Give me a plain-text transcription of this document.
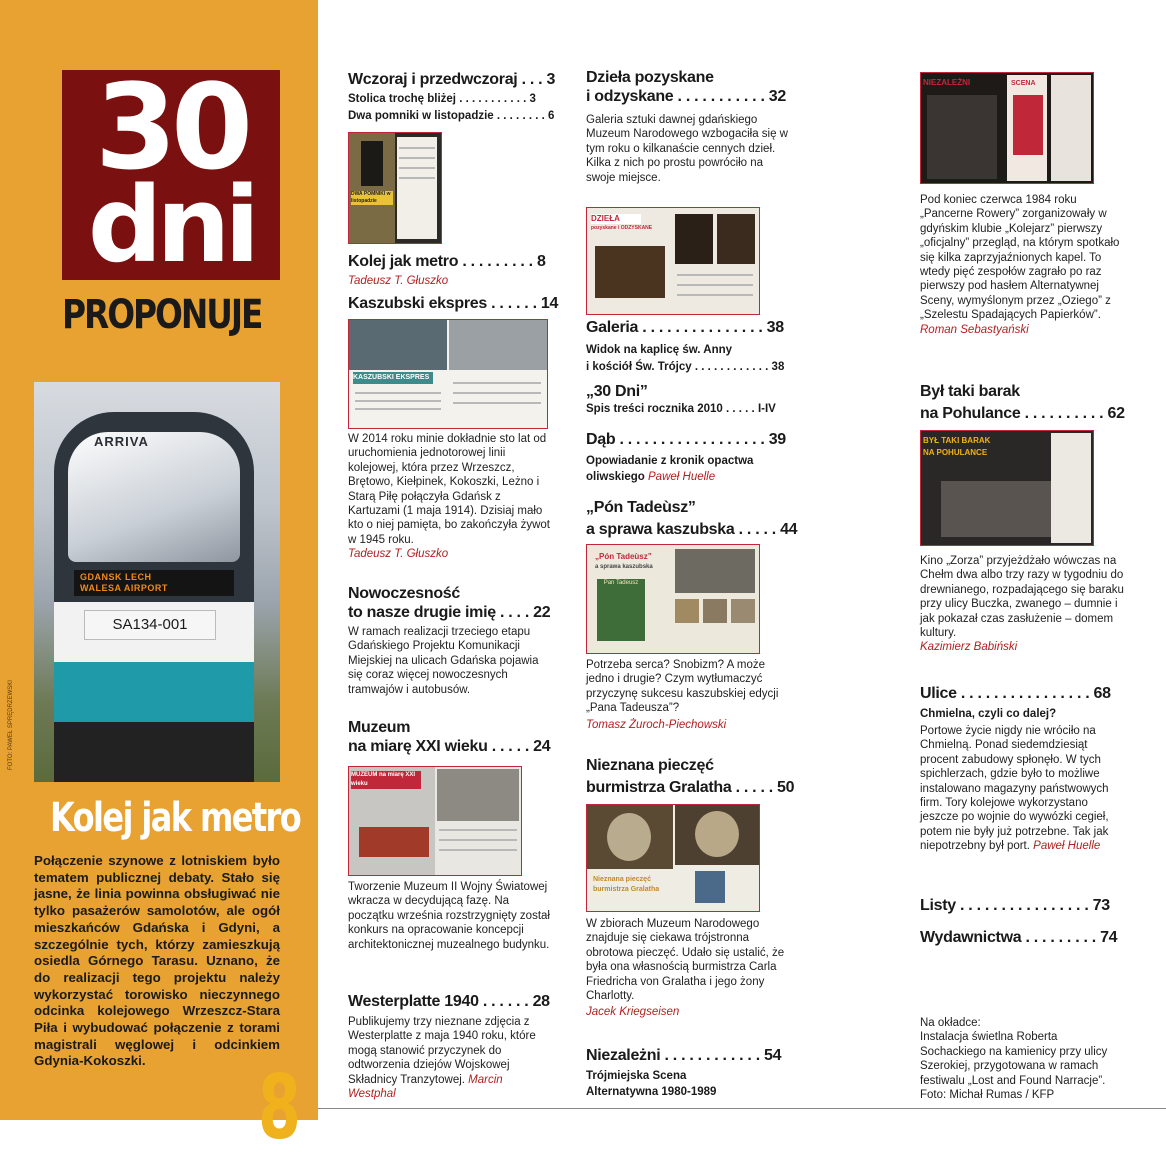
30
dni
PROPONUJE
ARRIVA
GDANSK LECH
WALESA AIRPORT
SA134-001
8
FOTO: PAWEŁ SPRĘDRZEWSKI
Kolej jak metro
Połączenie szynowe z lotniskiem było tematem publicznej debaty. Stało się jasne, że linia powinna obsługiwać nie tylko pasażerów samolotów, ale ogół mieszkańców Gdańska i Gdyni, a szczególnie tych, którzy zamieszkują osiedla Górnego Tarasu. Uznano, że do realizacji tego projektu należy wykorzystać torowisko nieczynnego odcinka kolejowego Wrzeszcz-Stara Piła i wybudować połączenie z torami magistrali węglowej i odcinkiem Gdynia-Kokoszki.
Wczoraj i przedwczoraj . . . 3
Stolica trochę bliżej . . . . . . . . . . . 3
Dwa pomniki w listopadzie . . . . . . . . 6
DWA POMNIKI w listopadzie
Kolej jak metro . . . . . . . . . 8
Tadeusz T. Głuszko
Kaszubski ekspres . . . . . . 14
KASZUBSKI EKSPRES
W 2014 roku minie dokładnie sto lat od uruchomienia jednotorowej linii kolejowej, która przez Wrzeszcz, Brętowo, Kiełpinek, Kokoszki, Leżno i Starą Piłę połączyła Gdańsk z Kartuzami (1 maja 1914). Dzisiaj mało kto o niej pamięta, bo zakończyła żywot w 1945 roku.
Tadeusz T. Głuszko
Nowoczesność
to nasze drugie imię . . . . 22
W ramach realizacji trzeciego etapu Gdańskiego Projektu Komunikacji Miejskiej na ulicach Gdańska pojawia się coraz więcej nowoczesnych tramwajów i autobusów.
Muzeum
na miarę XXI wieku . . . . . 24
MUZEUM na miarę XXI wieku
Tworzenie Muzeum II Wojny Światowej wkracza w decydującą fazę. Na początku września rozstrzygnięty został konkurs na opracowanie koncepcji architektonicznej muzealnego budynku.
Westerplatte 1940 . . . . . . 28
Publikujemy trzy nieznane zdjęcia z Westerplatte z maja 1940 roku, które mogą stanowić przyczynek do odtworzenia dziejów Wojskowej Składnicy Tranzytowej. Marcin Westphal
Dzieła pozyskane
i odzyskane . . . . . . . . . . . 32
Galeria sztuki dawnej gdańskiego Muzeum Narodowego wzbogaciła się w tym roku o kilkanaście cennych dzieł. Kilka z nich po prostu powróciło na swoje miejsce.
DZIEŁA
pozyskane i ODZYSKANE
Galeria . . . . . . . . . . . . . . . 38
Widok na kaplicę św. Anny
i kościół Św. Trójcy . . . . . . . . . . . . 38
„30 Dni”
Spis treści rocznika 2010 . . . . . I-IV
Dąb . . . . . . . . . . . . . . . . . . 39
Opowiadanie z kronik opactwa
oliwskiego Paweł Huelle
„Pón Tadeùsz”
a sprawa kaszubska . . . . . 44
„Pón Tadeùsz”
a sprawa kaszubska
Pan Tadeusz
Potrzeba serca? Snobizm? A może jedno i drugie? Czym wytłumaczyć przyczynę sukcesu kaszubskiej edycji „Pana Tadeusza”?
Tomasz Żuroch-Piechowski
Nieznana pieczęć
burmistrza Gralatha . . . . . 50
Nieznana pieczęć
burmistrza Gralatha
W zbiorach Muzeum Narodowego znajduje się ciekawa trójstronna obrotowa pieczęć. Udało się ustalić, że była ona własnością burmistrza Carla Friedricha von Gralatha i jego żony Charlotty.
Jacek Kriegseisen
Niezależni . . . . . . . . . . . . 54
Trójmiejska Scena
Alternatywna 1980-1989
NIEZALEŻNI	SCENA
Pod koniec czerwca 1984 roku „Pancerne Rowery” zorganizowały w gdyńskim klubie „Kolejarz” pierwszy „oficjalny” przegląd, na którym spotkało się kilka zaprzyjaźnionych kapel. To wtedy pięć zespołów zagrało po raz pierwszy pod hasłem Alternatywnej Sceny, wymyślonym przez „Oziego” z „Szelestu Spadających Papierków”.
Roman Sebastyański
Był taki barak
na Pohulance . . . . . . . . . . 62
BYŁ TAKI BARAK
NA POHULANCE
Kino „Zorza” przyjeżdżało wówczas na Chełm dwa albo trzy razy w tygodniu do drewnianego, rozpadającego się baraku przy ulicy Buczka, zwanego – dumnie i jak pokazał czas zasłużenie – domem kultury.
Kazimierz Babiński
Ulice . . . . . . . . . . . . . . . . 68
Chmielna, czyli co dalej?
Portowe życie nigdy nie wróciło na Chmielną. Ponad siedemdziesiąt procent zabudowy spłonęło. W tych spichlerzach, gdzie było to możliwe instalowano magazyny państwowych firm. Tory kolejowe wykorzystano jeszcze po wojnie do wywózki cegieł, potem nie były już potrzebne. Tak jak niepotrzebny był port. Paweł Huelle
Listy . . . . . . . . . . . . . . . . 73
Wydawnictwa . . . . . . . . . 74
Na okładce:
Instalacja świetlna Roberta Sochackiego na kamienicy przy ulicy Szerokiej, przygotowana w ramach festiwalu „Lost and Found Narracje”.
Foto: Michał Rumas / KFP
